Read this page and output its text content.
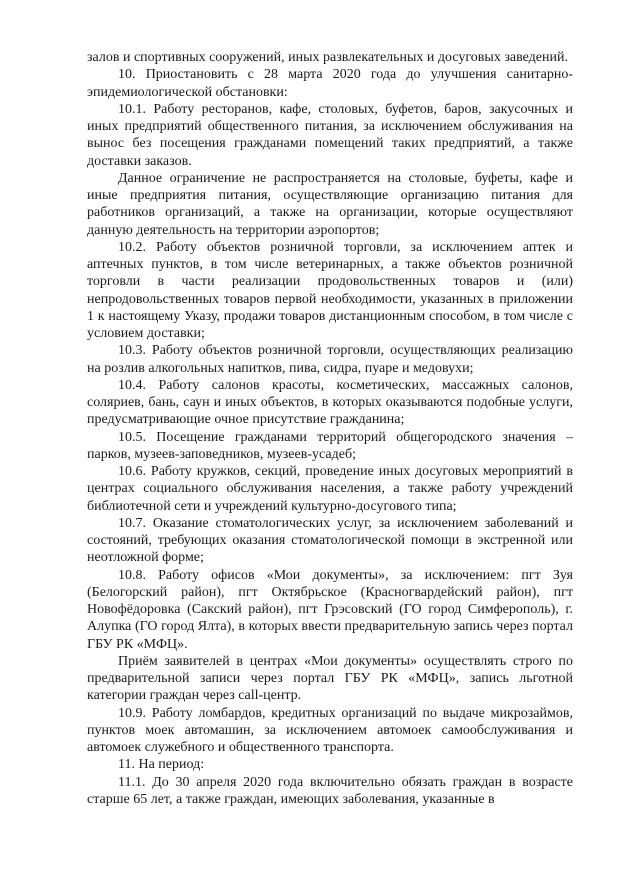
залов и спортивных сооружений, иных развлекательных и досуговых заведений.

10. Приостановить с 28 марта 2020 года до улучшения санитарно-эпидемиологической обстановки:

10.1. Работу ресторанов, кафе, столовых, буфетов, баров, закусочных и иных предприятий общественного питания, за исключением обслуживания на вынос без посещения гражданами помещений таких предприятий, а также доставки заказов.

Данное ограничение не распространяется на столовые, буфеты, кафе и иные предприятия питания, осуществляющие организацию питания для работников организаций, а также на организации, которые осуществляют данную деятельность на территории аэропортов;

10.2. Работу объектов розничной торговли, за исключением аптек и аптечных пунктов, в том числе ветеринарных, а также объектов розничной торговли в части реализации продовольственных товаров и (или) непродовольственных товаров первой необходимости, указанных в приложении 1 к настоящему Указу, продажи товаров дистанционным способом, в том числе с условием доставки;

10.3. Работу объектов розничной торговли, осуществляющих реализацию на розлив алкогольных напитков, пива, сидра, пуаре и медовухи;

10.4. Работу салонов красоты, косметических, массажных салонов, соляриев, бань, саун и иных объектов, в которых оказываются подобные услуги, предусматривающие очное присутствие гражданина;

10.5. Посещение гражданами территорий общегородского значения – парков, музеев-заповедников, музеев-усадеб;

10.6. Работу кружков, секций, проведение иных досуговых мероприятий в центрах социального обслуживания населения, а также работу учреждений библиотечной сети и учреждений культурно-досугового типа;

10.7. Оказание стоматологических услуг, за исключением заболеваний и состояний, требующих оказания стоматологической помощи в экстренной или неотложной форме;

10.8. Работу офисов «Мои документы», за исключением: пгт Зуя (Белогорский район), пгт Октябрьское (Красногвардейский район), пгт Новофёдоровка (Сакский район), пгт Грэсовский (ГО город Симферополь), г. Алупка (ГО город Ялта), в которых ввести предварительную запись через портал ГБУ РК «МФЦ».

Приём заявителей в центрах «Мои документы» осуществлять строго по предварительной записи через портал ГБУ РК «МФЦ», запись льготной категории граждан через call-центр.

10.9. Работу ломбардов, кредитных организаций по выдаче микрозаймов, пунктов моек автомашин, за исключением автомоек самообслуживания и автомоек служебного и общественного транспорта.

11. На период:

11.1. До 30 апреля 2020 года включительно обязать граждан в возрасте старше 65 лет, а также граждан, имеющих заболевания, указанные в
